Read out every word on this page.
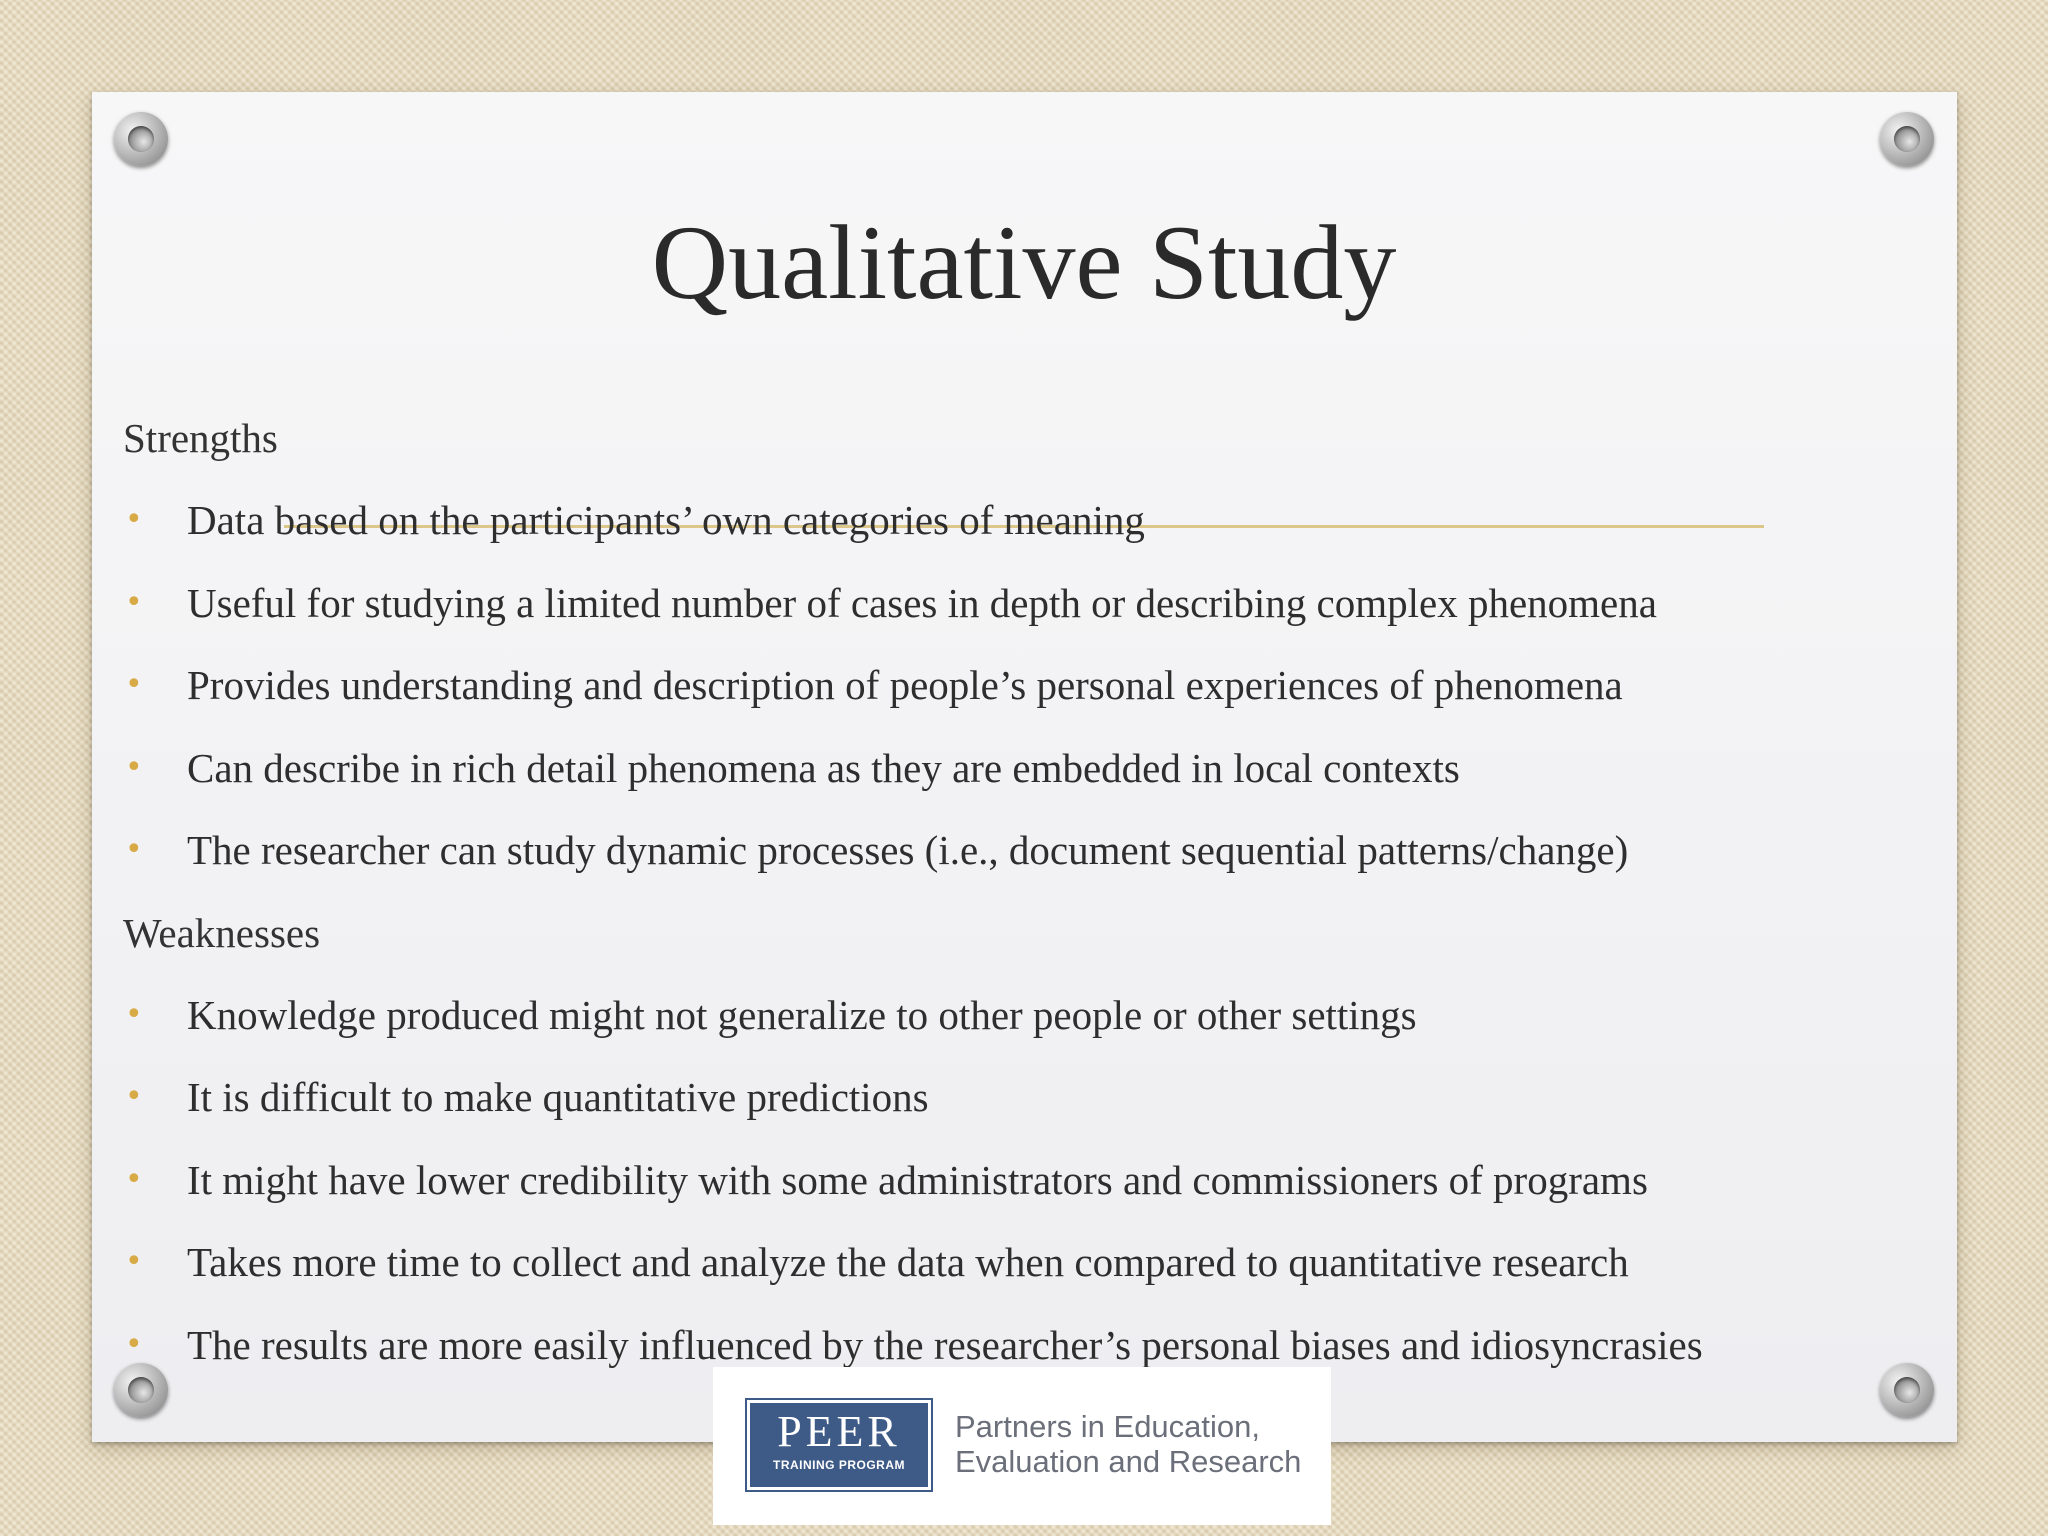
Qualitative Study
Strengths
• Data based on the participants’ own categories of meaning
• Useful for studying a limited number of cases in depth or describing complex phenomena
• Provides understanding and description of people’s personal experiences of phenomena
• Can describe in rich detail phenomena as they are embedded in local contexts
• The researcher can study dynamic processes (i.e., document sequential patterns/change)
Weaknesses
• Knowledge produced might not generalize to other people or other settings
• It is difficult to make quantitative predictions
• It might have lower credibility with some administrators and commissioners of programs
• Takes more time to collect and analyze the data when compared to quantitative research
• The results are more easily influenced by the researcher’s personal biases and idiosyncrasies
PEER
TRAINING PROGRAM
Partners in Education,
Evaluation and Research
